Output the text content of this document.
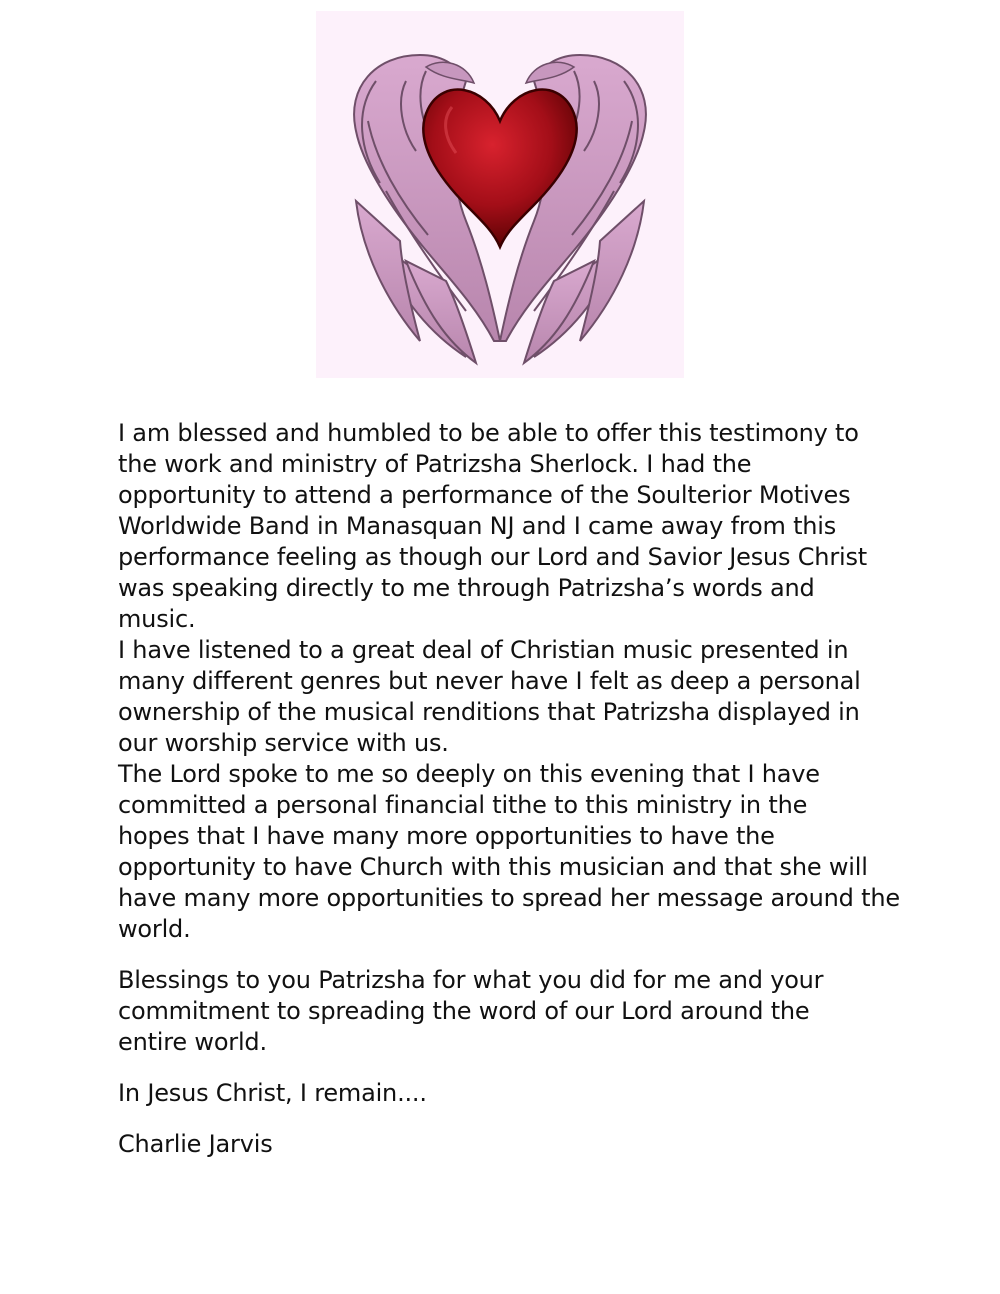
I am blessed and humbled to be able to offer this testimony to
the work and ministry of Patrizsha Sherlock. I had the
opportunity to attend a performance of the Soulterior Motives
Worldwide Band in Manasquan NJ and I came away from this
performance feeling as though our Lord and Savior Jesus Christ
was speaking directly to me through Patrizsha’s words and
music.

I have listened to a great deal of Christian music presented in
many different genres but never have I felt as deep a personal
ownership of the musical renditions that Patrizsha displayed in
our worship service with us.

The Lord spoke to me so deeply on this evening that I have
committed a personal financial tithe to this ministry in the
hopes that I have many more opportunities to have the
opportunity to have Church with this musician and that she will
have many more opportunities to spread her message around the
world.

Blessings to you Patrizsha for what you did for me and your
commitment to spreading the word of our Lord around the
entire world.

In Jesus Christ, I remain....

Charlie Jarvis
